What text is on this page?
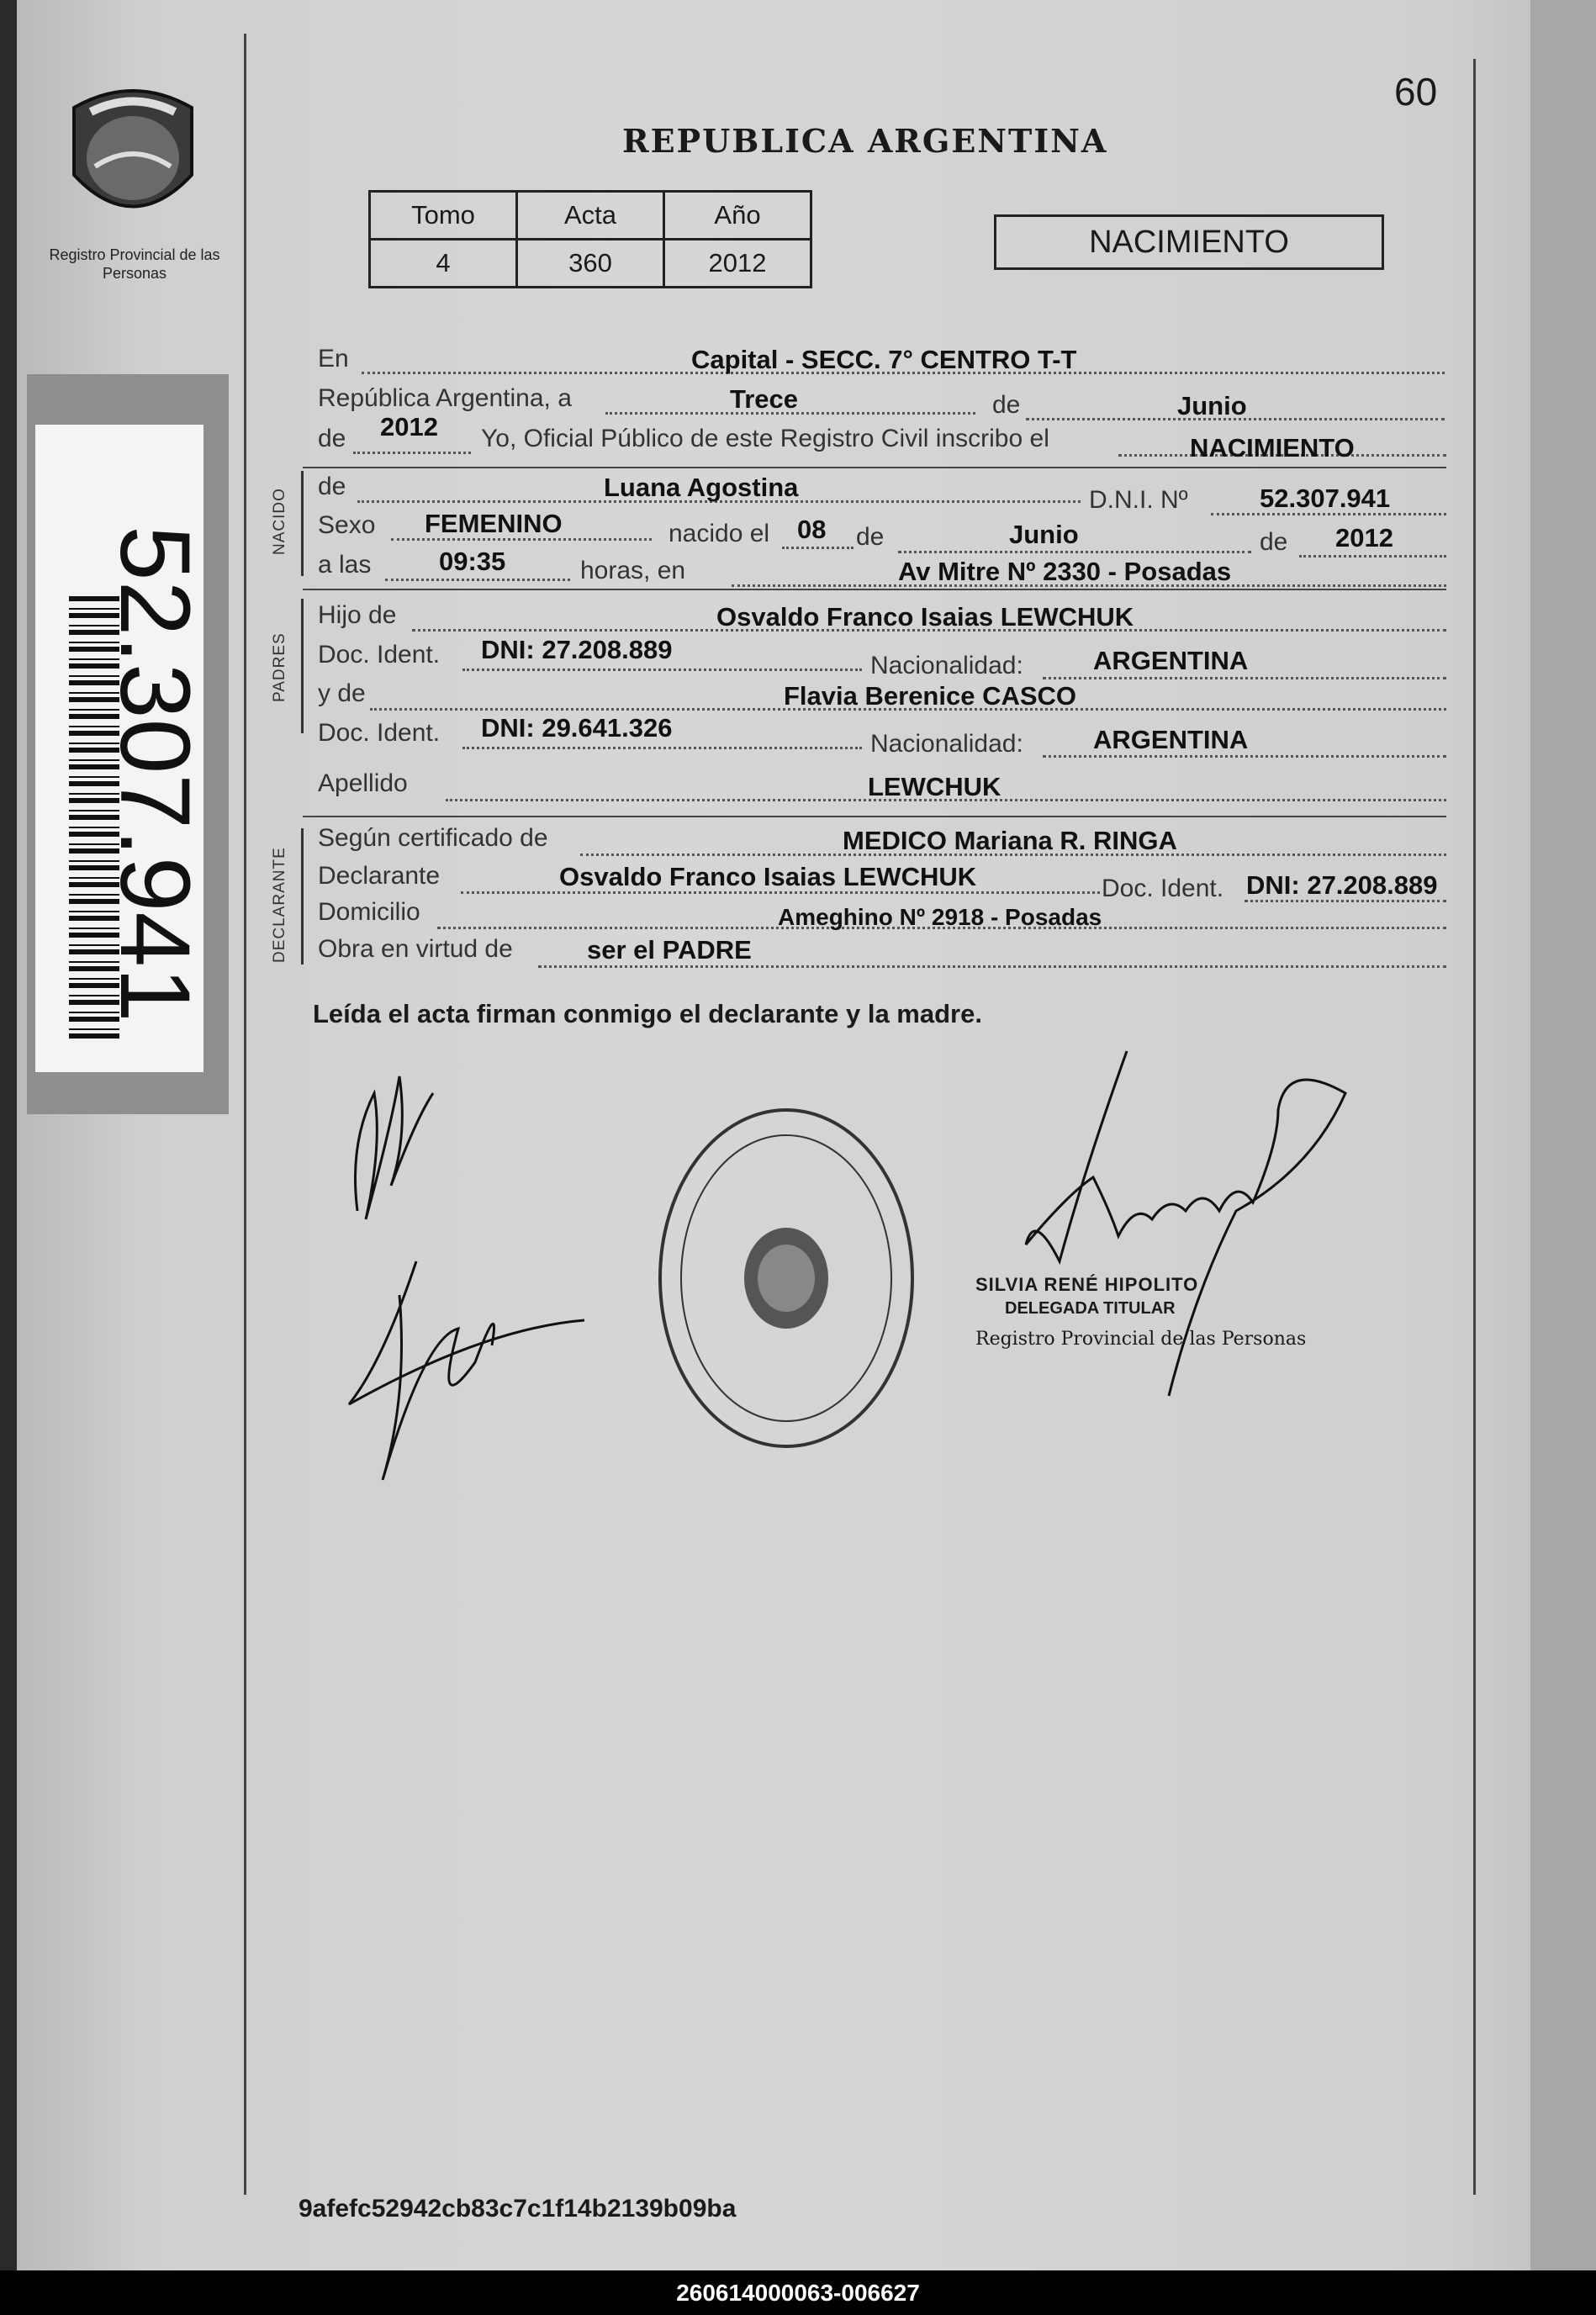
Registro Provincial de las Personas
52.307.941
60
REPUBLICA ARGENTINA
Tomo	Acta	Año
4	360	2012
NACIMIENTO
NACIDO
PADRES
DECLARANTE
En	Capital - SECC. 7° CENTRO T-T
República Argentina, a	Trece	de	Junio
de 2012 Yo, Oficial Público de este Registro Civil inscribo el	NACIMIENTO
de	Luana Agostina	D.N.I. Nº	52.307.941
Sexo FEMENINO	nacido el 08 de	Junio	de 2012
a las	09:35	horas, en	Av Mitre Nº 2330 - Posadas
Hijo de	Osvaldo Franco Isaias LEWCHUK
Doc. Ident. DNI: 27.208.889
Nacionalidad:	ARGENTINA
y de	Flavia Berenice CASCO
Doc. Ident. DNI: 29.641.326
Nacionalidad:	ARGENTINA
Apellido	LEWCHUK
Según certificado de	MEDICO Mariana R. RINGA
Declarante	Osvaldo Franco Isaias LEWCHUK	Doc. Ident. DNI: 27.208.889
Domicilio	Ameghino Nº 2918 - Posadas
Obra en virtud de	ser el PADRE
Leída el acta firman conmigo el declarante y la madre.
SILVIA RENÉ HIPOLITO
DELEGADA TITULAR
Registro Provincial de las Personas
9afefc52942cb83c7c1f14b2139b09ba
260614000063-006627
